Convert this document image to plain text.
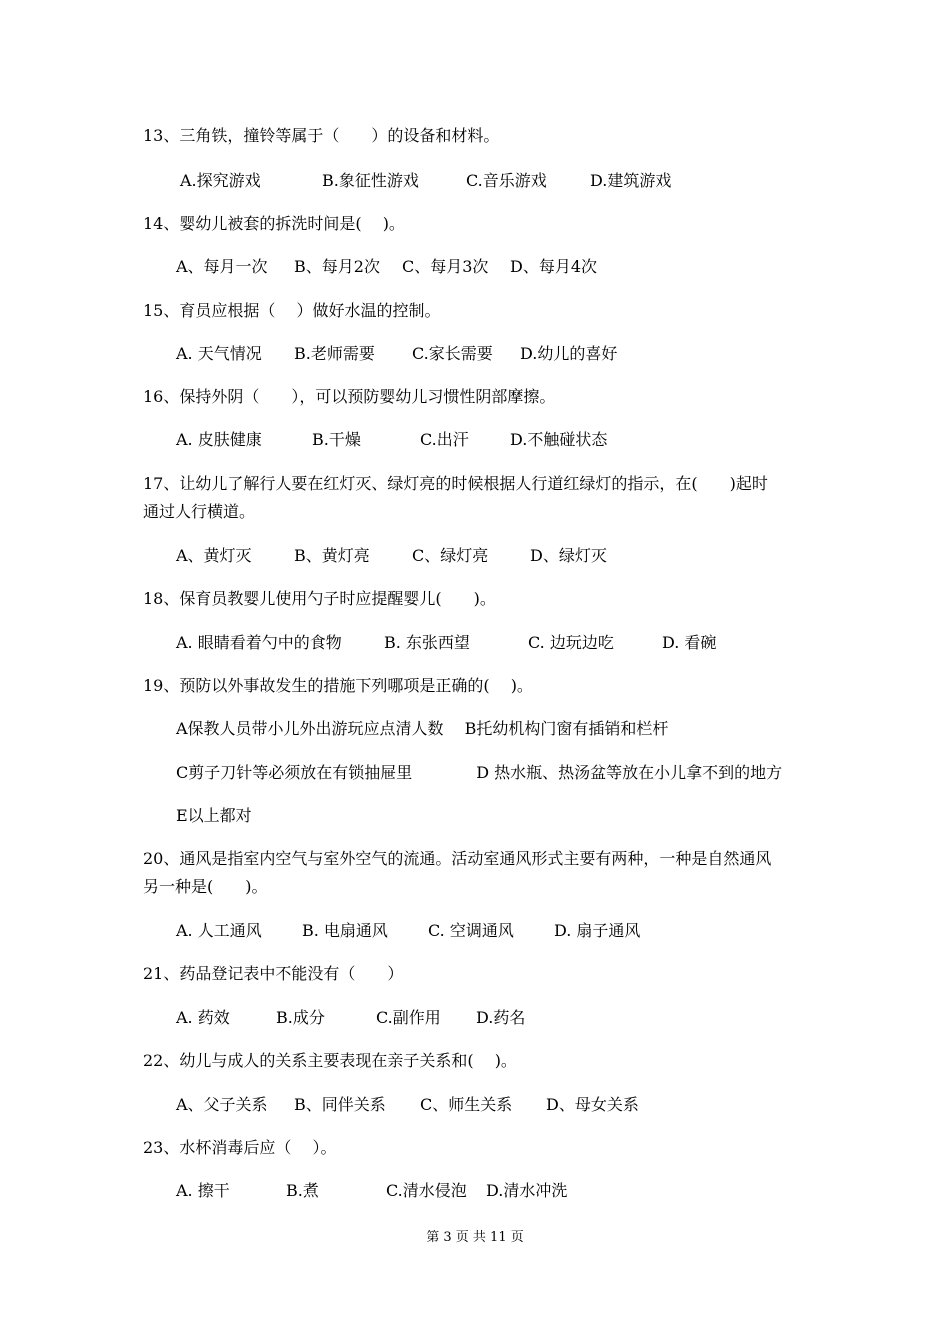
13、三角铁，撞铃等属于（　　）的设备和材料。

A.探究游戏

	B.象征性游戏

	C.音乐游戏

	D.建筑游戏

14、婴幼儿被套的拆洗时间是(　 )。

A、每月一次

B、每月2次

C、每月3次

D、每月4次

15、育员应根据（　 ）做好水温的控制。

A. 天气情况

B.老师需要

C.家长需要

D.幼儿的喜好

16、保持外阴（　　），可以预防婴幼儿习惯性阴部摩擦。

A. 皮肤健康

	B.干燥

	C.出汗

	D.不触碰状态

17、让幼儿了解行人要在红灯灭、绿灯亮的时候根据人行道红绿灯的指示，在(　　)起时
通过人行横道。

A、黄灯灭

	B、黄灯亮

	C、绿灯亮

	D、绿灯灭

18、保育员教婴儿使用勺子时应提醒婴儿(　　)。

A. 眼睛看着勺中的食物

	B. 东张西望

	C. 边玩边吃

	D. 看碗

19、预防以外事故发生的措施下列哪项是正确的(　 )。
A保教人员带小儿外出游玩应点清人数　 B托幼机构门窗有插销和栏杆
C剪子刀针等必须放在有锁抽屉里　　　　D 热水瓶、热汤盆等放在小儿拿不到的地方
E以上都对
20、通风是指室内空气与室外空气的流通。活动室通风形式主要有两种，一种是自然通风
另一种是(　　)。

A. 人工通风

	B. 电扇通风

	C. 空调通风

	D. 扇子通风

21、药品登记表中不能没有（　　）

A. 药效

	B.成分

	C.副作用

D.药名

22、幼儿与成人的关系主要表现在亲子关系和(　 )。

A、父子关系

B、同伴关系

C、师生关系

D、母女关系

23、水杯消毒后应（　 ）。

A. 擦干

	B.煮

	C.清水侵泡

D.清水冲洗

第 3 页 共 11 页
